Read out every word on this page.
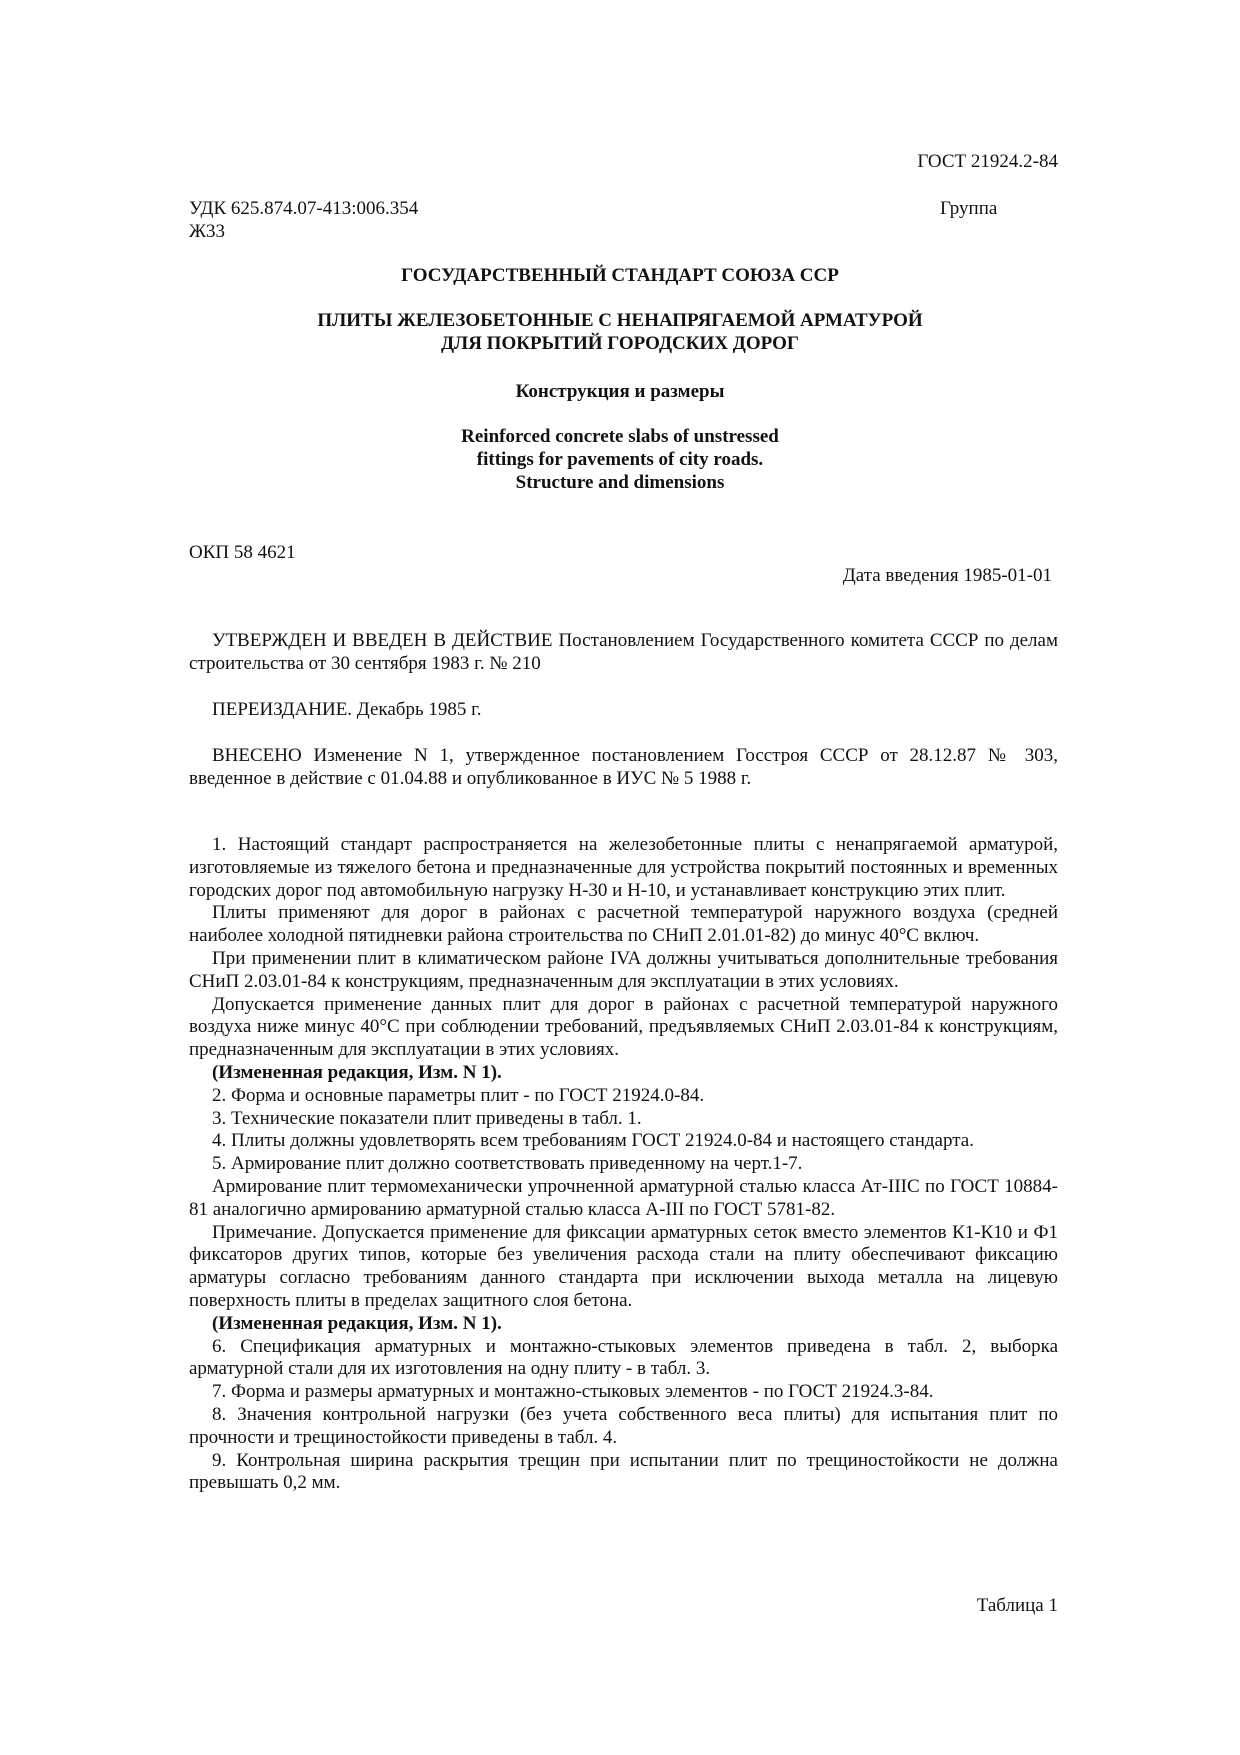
ГОСТ 21924.2-84
УДК 625.874.07-413:006.354	Группа
Ж33
ГОСУДАРСТВЕННЫЙ СТАНДАРТ СОЮЗА ССР
ПЛИТЫ ЖЕЛЕЗОБЕТОННЫЕ С НЕНАПРЯГАЕМОЙ АРМАТУРОЙ
ДЛЯ ПОКРЫТИЙ ГОРОДСКИХ ДОРОГ
Конструкция и размеры
Reinforced concrete slabs of unstressed
fittings for pavements of city roads.
Structure and dimensions
ОКП 58 4621
Дата введения 1985-01-01

УТВЕРЖДЕН И ВВЕДЕН В ДЕЙСТВИЕ Постановлением Государственного комитета СССР по делам строительства от 30 сентября 1983 г. № 210

ПЕРЕИЗДАНИЕ. Декабрь 1985 г.

ВНЕСЕНО Изменение N 1, утвержденное постановлением Госстроя СССР от 28.12.87 № 303, введенное в действие с 01.04.88 и опубликованное в ИУС № 5 1988 г.

1. Настоящий стандарт распространяется на железобетонные плиты с ненапрягаемой арматурой, изготовляемые из тяжелого бетона и предназначенные для устройства покрытий постоянных и временных городских дорог под автомобильную нагрузку Н-30 и Н-10, и устанавливает конструкцию этих плит.

Плиты применяют для дорог в районах с расчетной температурой наружного воздуха (средней наиболее холодной пятидневки района строительства по СНиП 2.01.01-82) до минус 40°С включ.

При применении плит в климатическом районе IVA должны учитываться дополнительные требования СНиП 2.03.01-84 к конструкциям, предназначенным для эксплуатации в этих условиях.

Допускается применение данных плит для дорог в районах с расчетной температурой наружного воздуха ниже минус 40°С при соблюдении требований, предъявляемых СНиП 2.03.01-84 к конструкциям, предназначенным для эксплуатации в этих условиях.

(Измененная редакция, Изм. N 1).

2. Форма и основные параметры плит - по ГОСТ 21924.0-84.

3. Технические показатели плит приведены в табл. 1.

4. Плиты должны удовлетворять всем требованиям ГОСТ 21924.0-84 и настоящего стандарта.

5. Армирование плит должно соответствовать приведенному на черт.1-7.

Армирование плит термомеханически упрочненной арматурной сталью класса Ат-IIIС по ГОСТ 10884-81 аналогично армированию арматурной сталью класса А-III по ГОСТ 5781-82.

Примечание. Допускается применение для фиксации арматурных сеток вместо элементов К1-К10 и Ф1 фиксаторов других типов, которые без увеличения расхода стали на плиту обеспечивают фиксацию арматуры согласно требованиям данного стандарта при исключении выхода металла на лицевую поверхность плиты в пределах защитного слоя бетона.

(Измененная редакция, Изм. N 1).

6. Спецификация арматурных и монтажно-стыковых элементов приведена в табл. 2, выборка арматурной стали для их изготовления на одну плиту - в табл. 3.

7. Форма и размеры арматурных и монтажно-стыковых элементов - по ГОСТ 21924.3-84.

8. Значения контрольной нагрузки (без учета собственного веса плиты) для испытания плит по прочности и трещиностойкости приведены в табл. 4.

9. Контрольная ширина раскрытия трещин при испытании плит по трещиностойкости не должна превышать 0,2 мм.

Таблица 1
